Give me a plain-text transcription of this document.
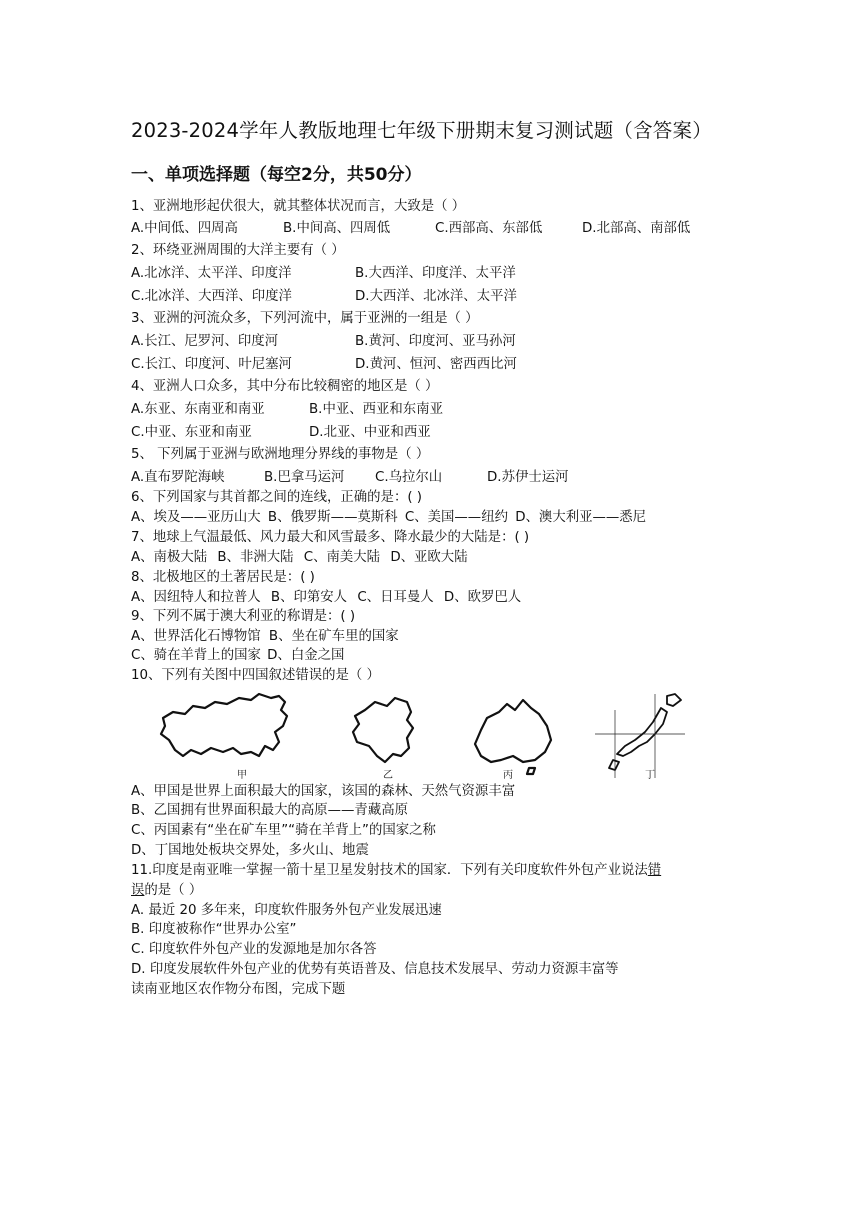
2023-2024学年人教版地理七年级下册期末复习测试题（含答案）
一、单项选择题（每空2分，共50分）
1、亚洲地形起伏很大，就其整体状况而言，大致是（ ）
A.中间低、四周高	B.中间高、四周低	C.西部高、东部低	D.北部高、南部低
2、环绕亚洲周围的大洋主要有（ ）
A.北冰洋、太平洋、印度洋	B.大西洋、印度洋、太平洋
C.北冰洋、大西洋、印度洋	D.大西洋、北冰洋、太平洋
3、亚洲的河流众多，下列河流中，属于亚洲的一组是（ ）
A.长江、尼罗河、印度河	B.黄河、印度河、亚马孙河
C.长江、印度河、叶尼塞河	D.黄河、恒河、密西西比河
4、亚洲人口众多，其中分布比较稠密的地区是（ ）
A.东亚、东南亚和南亚	B.中亚、西亚和东南亚
C.中亚、东亚和南亚	D.北亚、中亚和西亚
5、 下列属于亚洲与欧洲地理分界线的事物是（ ）
A.直布罗陀海峡	B.巴拿马运河 C.乌拉尔山	D.苏伊士运河
6、下列国家与其首都之间的连线，正确的是：( )
A、埃及——亚历山大 B、俄罗斯——莫斯科 C、美国——纽约 D、澳大利亚——悉尼
7、地球上气温最低、风力最大和风雪最多、降水最少的大陆是：( )
A、南极大陆 B、非洲大陆 C、南美大陆 D、亚欧大陆
8、北极地区的土著居民是：( )
A、因纽特人和拉普人 B、印第安人 C、日耳曼人 D、欧罗巴人
9、下列不属于澳大利亚的称谓是：( )
A、世界活化石博物馆 B、坐在矿车里的国家
C、骑在羊背上的国家 D、白金之国
10、下列有关图中四国叙述错误的是（ ）
甲	乙	丙	丁
A、甲国是世界上面积最大的国家，该国的森林、天然气资源丰富
B、乙国拥有世界面积最大的高原——青藏高原
C、丙国素有“坐在矿车里”“骑在羊背上”的国家之称
D、丁国地处板块交界处，多火山、地震
11.印度是南亚唯一掌握一箭十星卫星发射技术的国家．下列有关印度软件外包产业说法错
误的是（ ）
A. 最近 20 多年来，印度软件服务外包产业发展迅速
B. 印度被称作“世界办公室”
C. 印度软件外包产业的发源地是加尔各答
D. 印度发展软件外包产业的优势有英语普及、信息技术发展早、劳动力资源丰富等
读南亚地区农作物分布图，完成下题
